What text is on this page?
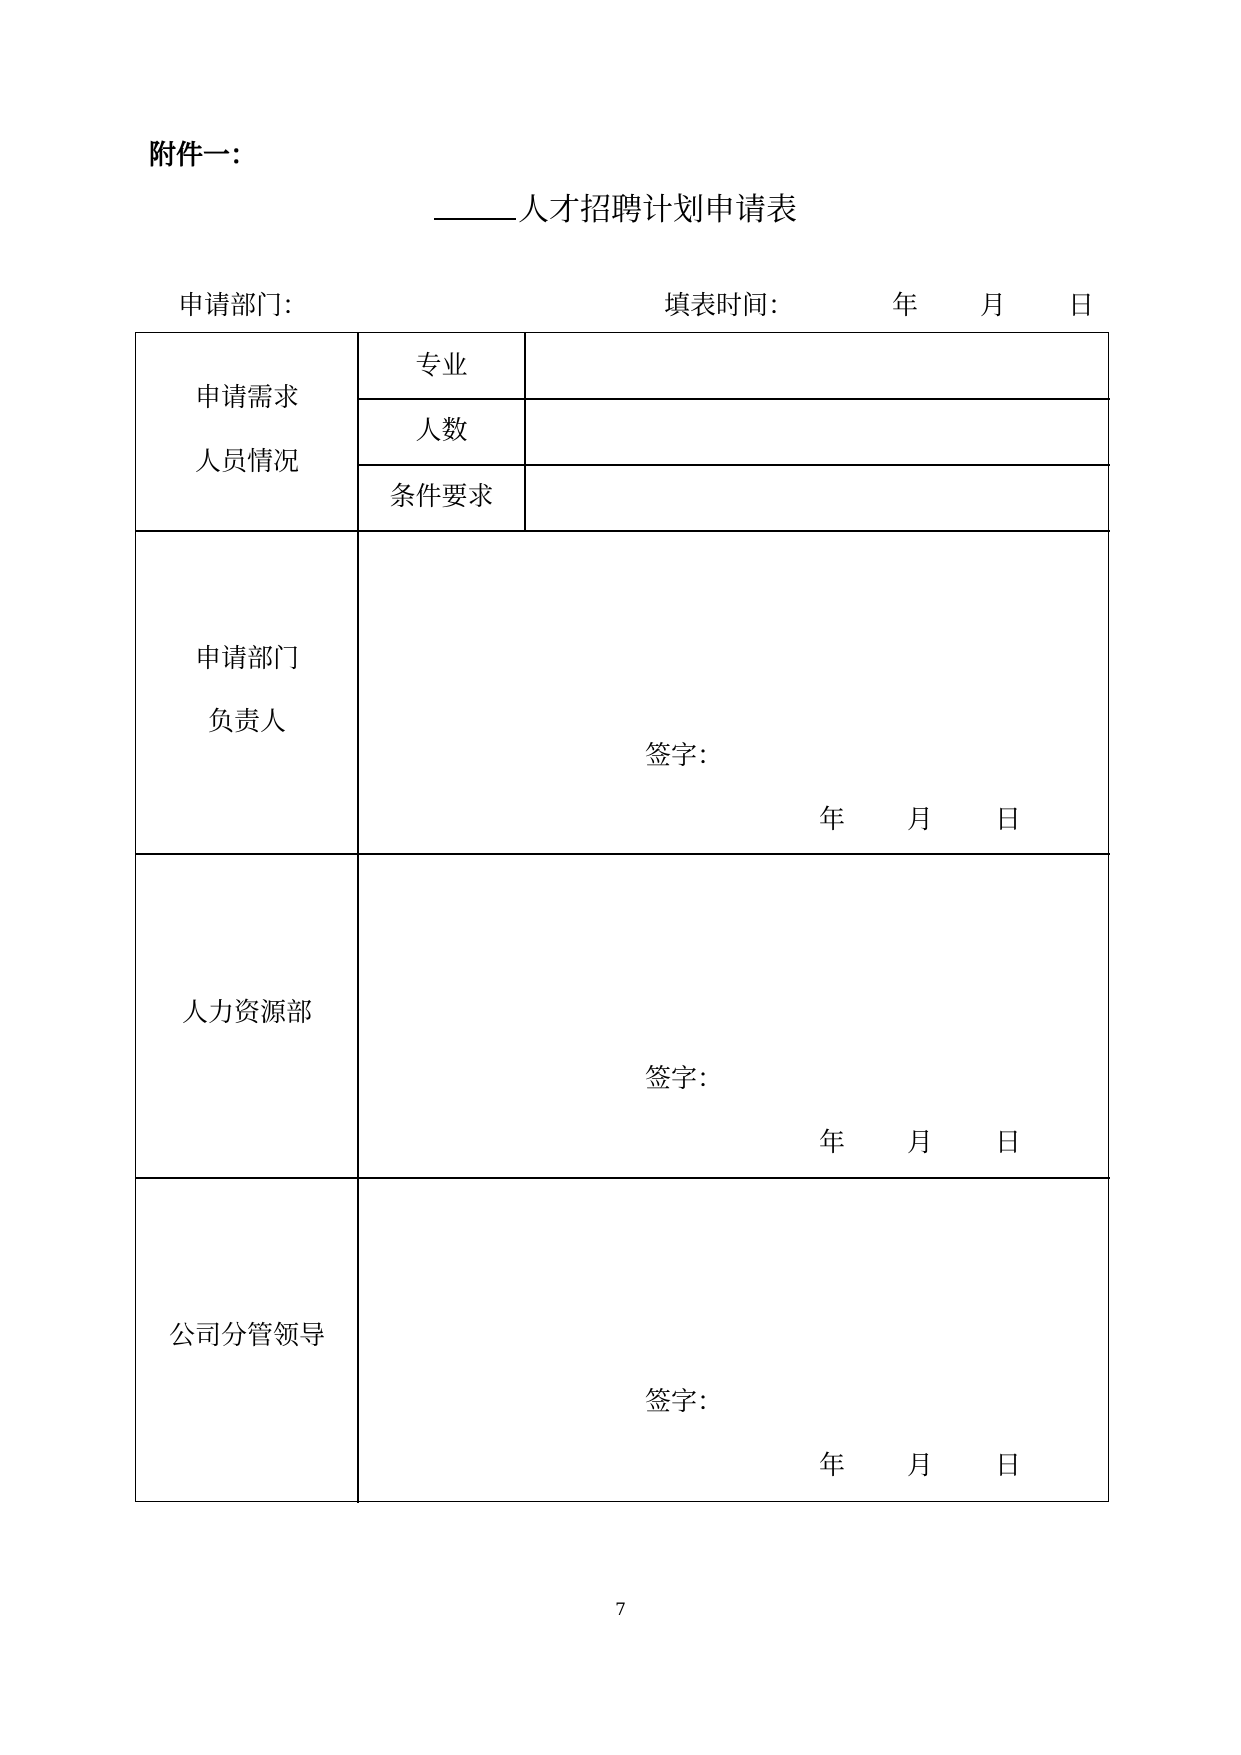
附件一：
人才招聘计划申请表
申请部门：	填表时间：	年 月 日
申请需求
人员情况
专业
人数
条件要求
申请部门
负责人
签字：
年 月 日
人力资源部
签字：
年 月 日
公司分管领导
签字：
年 月 日
7
